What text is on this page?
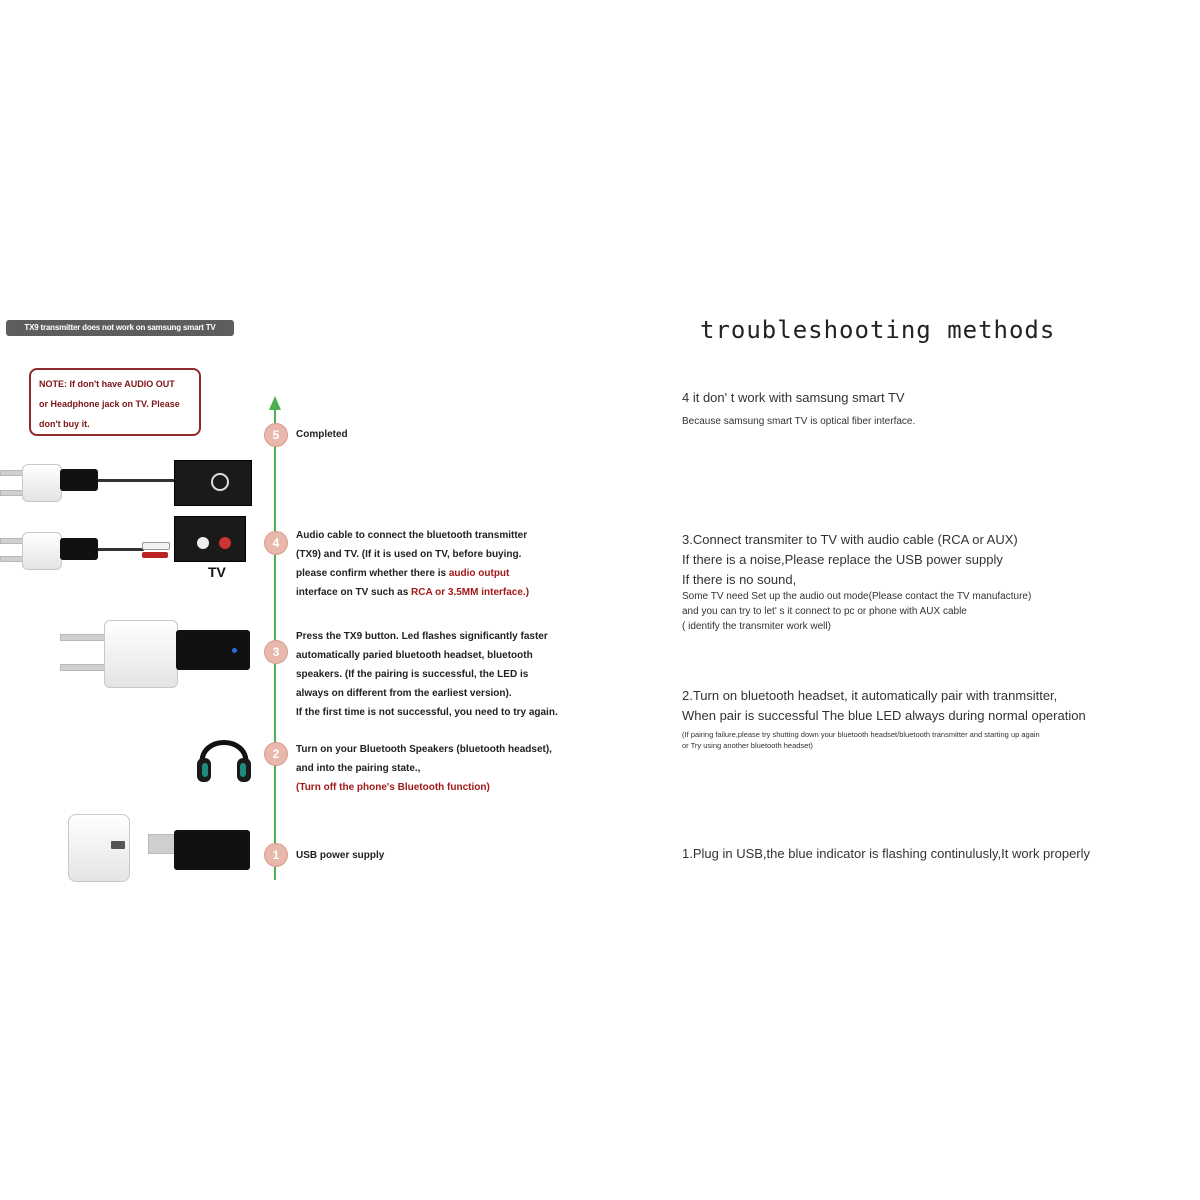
TX9 transmitter does not work on samsung smart TV
NOTE: If don't have AUDIO OUT
or Headphone jack on TV. Please
don't buy it.
5
4
3
2
1
Completed
Audio cable to connect the bluetooth transmitter
(TX9) and TV. (If it is used on TV, before buying.
please confirm whether there is audio output
interface on TV such as RCA or 3.5MM interface.)
Press the TX9 button. Led flashes significantly faster
automatically paried bluetooth headset, bluetooth
speakers. (If the pairing is successful, the LED is
always on different from the earliest version).
If the first time is not successful, you need to try again.
Turn on your Bluetooth Speakers (bluetooth headset),
and into the pairing state.,
(Turn off the phone's Bluetooth function)
USB power supply
TV
troubleshooting methods
4 it don' t work with samsung smart TV
Because samsung smart TV is optical fiber interface.
3.Connect transmiter to TV with audio cable (RCA or AUX)
If there is a noise,Please replace the USB power supply
If there is no sound,
Some TV need Set up the audio out mode(Please contact the TV manufacture)
and you can try to let' s it connect to pc or phone with AUX cable
( identify the transmiter work well)
2.Turn on bluetooth headset, it automatically pair with tranmsitter,
When pair is successful The blue LED always during normal operation
(If pairing failure,please try shutting down your bluetooth headset/bluetooth transmitter and starting up again
or Try using another bluetooth headset)
1.Plug in USB,the blue indicator is flashing continulusly,It work properly
